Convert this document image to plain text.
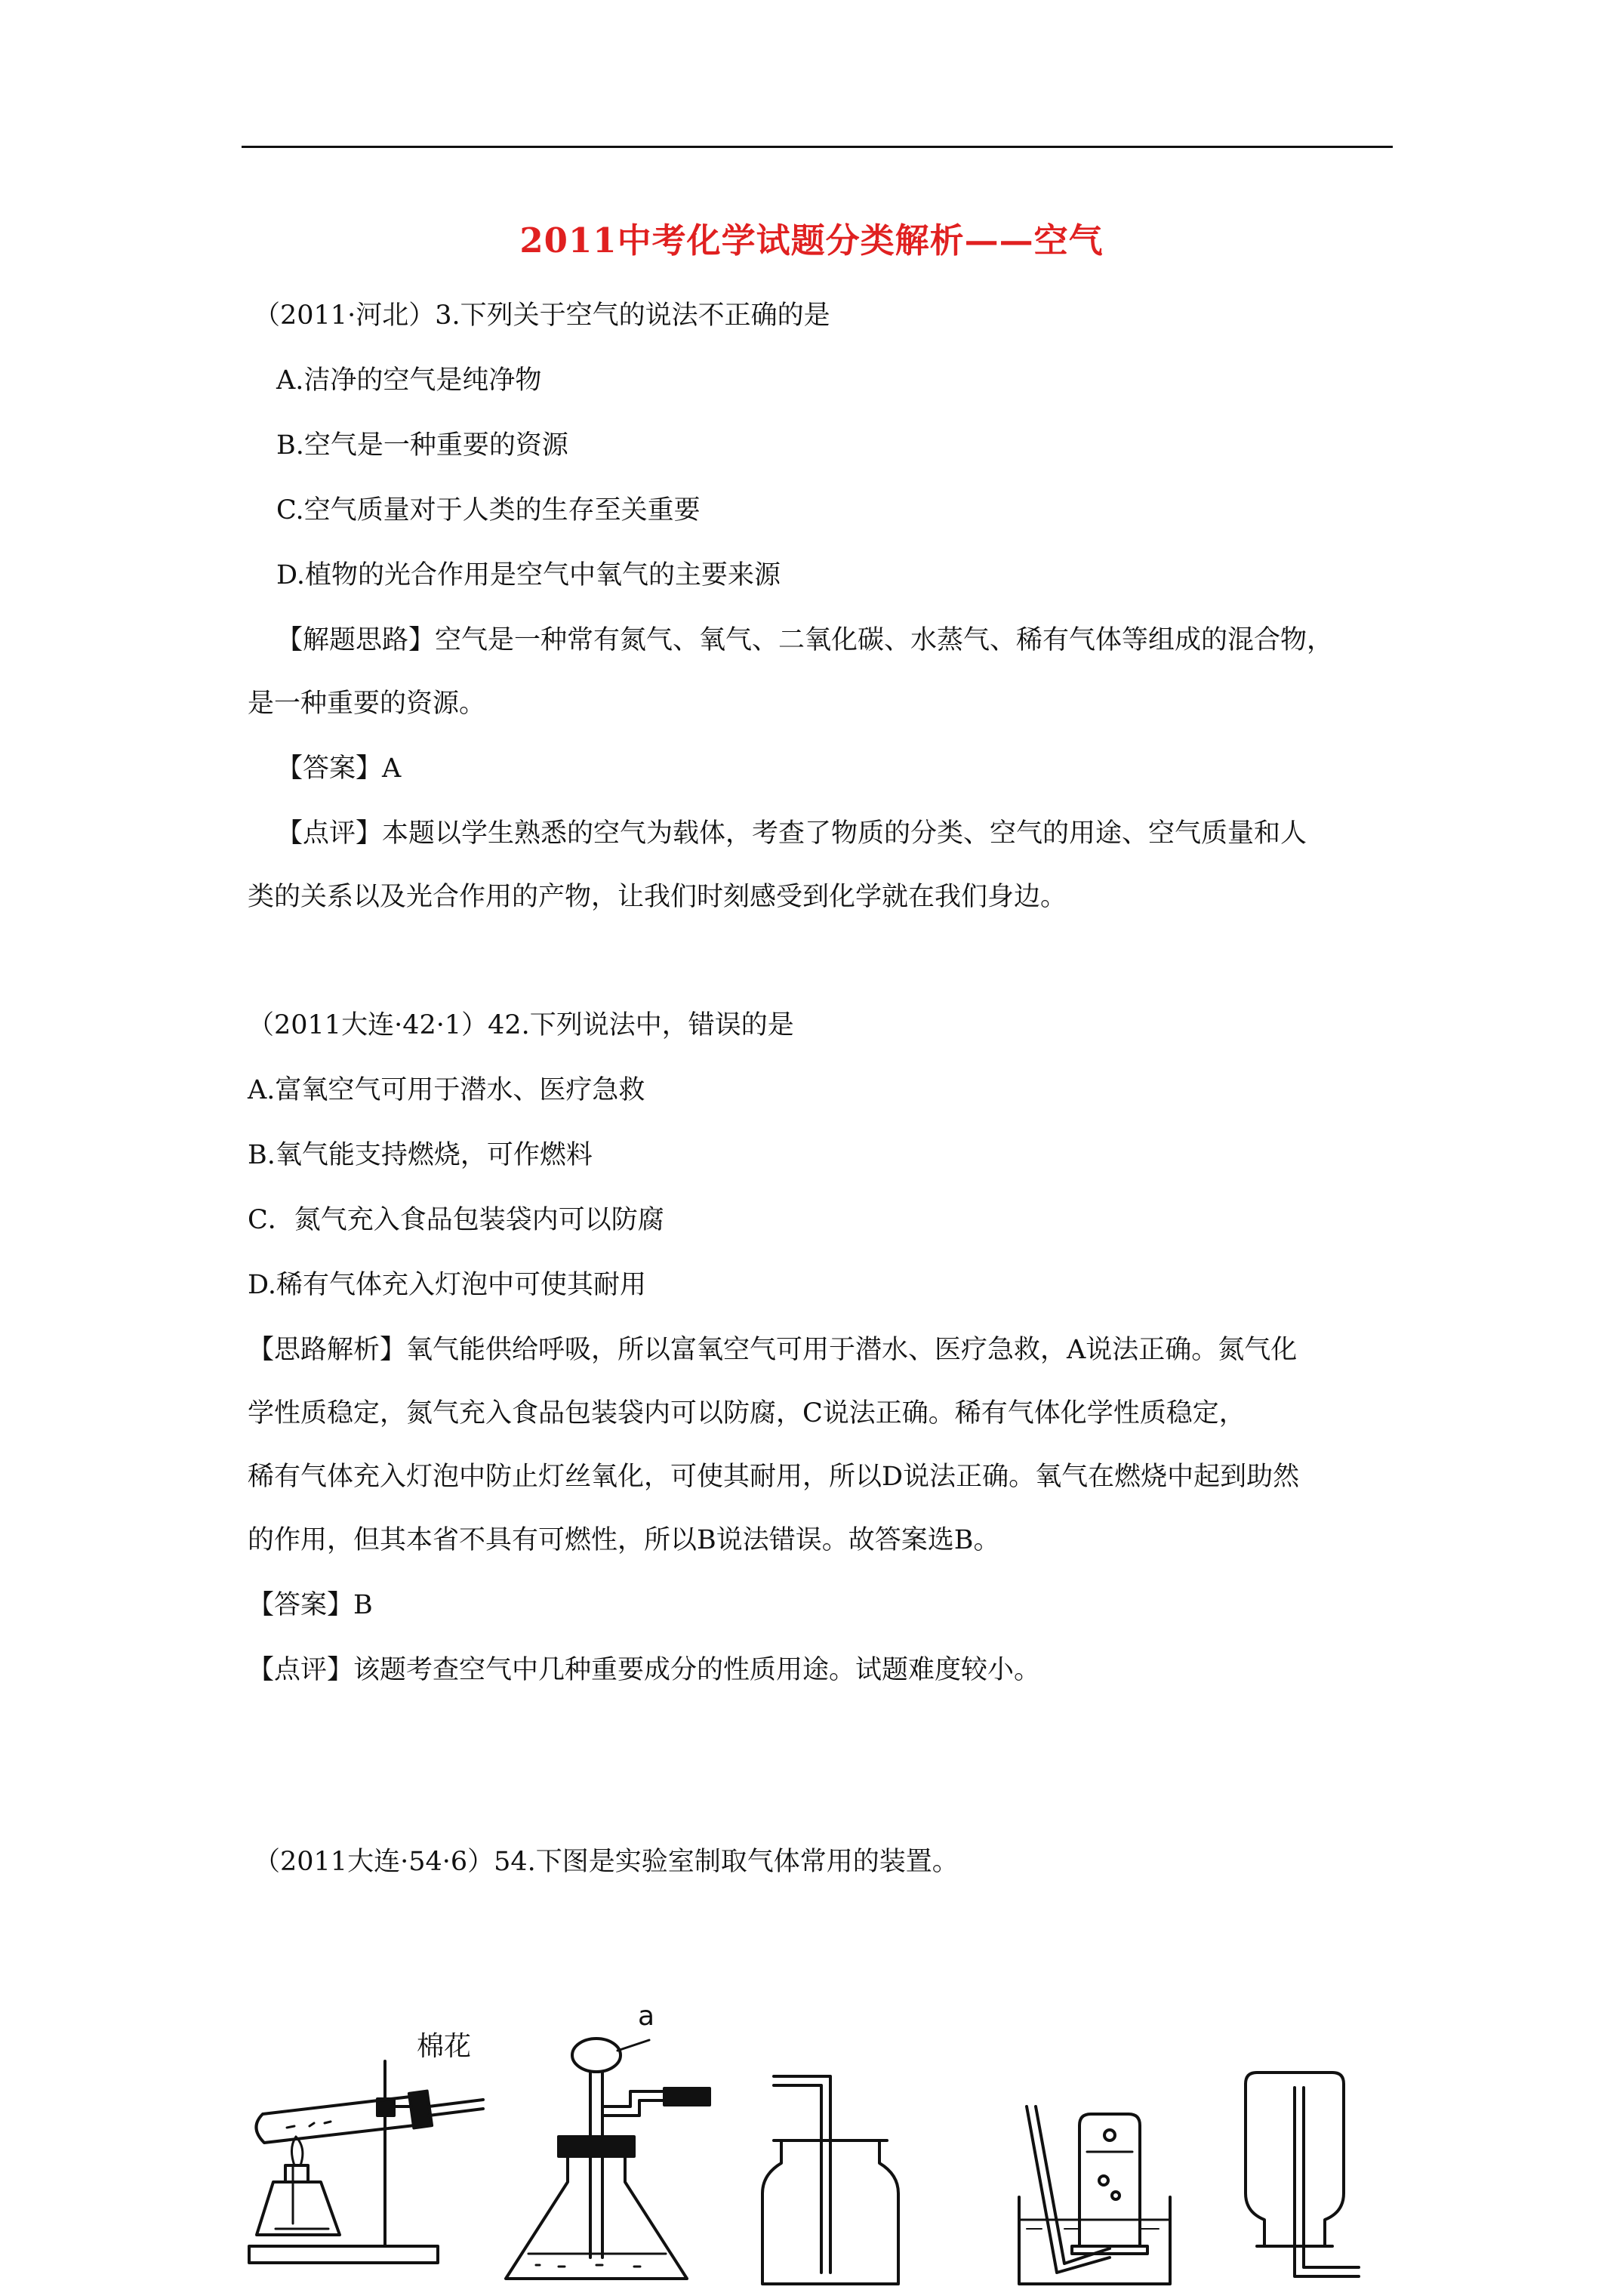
2011中考化学试题分类解析——空气
（2011·河北）3.下列关于空气的说法不正确的是
A.洁净的空气是纯净物
B.空气是一种重要的资源
C.空气质量对于人类的生存至关重要
D.植物的光合作用是空气中氧气的主要来源
【解题思路】空气是一种常有氮气、氧气、二氧化碳、水蒸气、稀有气体等组成的混合物，
是一种重要的资源。
【答案】A
【点评】本题以学生熟悉的空气为载体，考查了物质的分类、空气的用途、空气质量和人
类的关系以及光合作用的产物，让我们时刻感受到化学就在我们身边。
（2011大连·42·1）42.下列说法中，错误的是
A.富氧空气可用于潜水、医疗急救
B.氧气能支持燃烧，可作燃料
C．氮气充入食品包装袋内可以防腐
D.稀有气体充入灯泡中可使其耐用
【思路解析】氧气能供给呼吸，所以富氧空气可用于潜水、医疗急救，A说法正确。氮气化
学性质稳定，氮气充入食品包装袋内可以防腐，C说法正确。稀有气体化学性质稳定，
稀有气体充入灯泡中防止灯丝氧化，可使其耐用，所以D说法正确。氧气在燃烧中起到助然
的作用，但其本省不具有可燃性，所以B说法错误。故答案选B。
【答案】B
【点评】该题考查空气中几种重要成分的性质用途。试题难度较小。
（2011大连·54·6）54.下图是实验室制取气体常用的装置。
棉花
a
